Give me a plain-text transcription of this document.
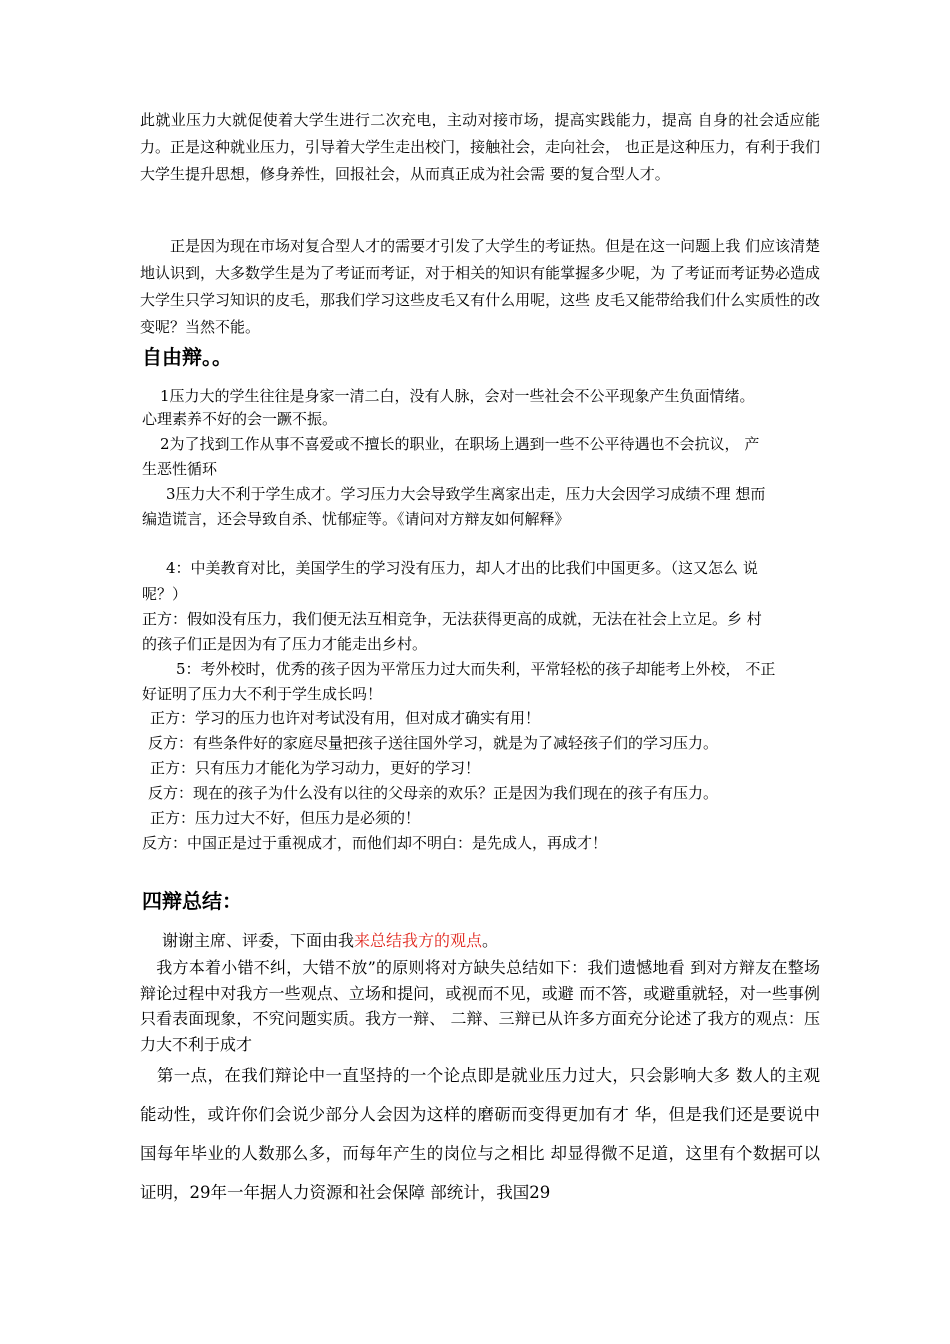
此就业压力大就促使着大学生进行二次充电，主动对接市场，提高实践能力，提高 自身的社会适应能力。正是这种就业压力，引导着大学生走出校门，接触社会，走向社会， 也正是这种压力，有利于我们大学生提升思想，修身养性，回报社会，从而真正成为社会需 要的复合型人才。

　　正是因为现在市场对复合型人才的需要才引发了大学生的考证热。但是在这一问题上我 们应该清楚地认识到，大多数学生是为了考证而考证，对于相关的知识有能掌握多少呢，为 了考证而考证势必造成大学生只学习知识的皮毛，那我们学习这些皮毛又有什么用呢，这些 皮毛又能带给我们什么实质性的改变呢？当然不能。

自由辩。。

1压力大的学生往往是身家一清二白，没有人脉，会对一些社会不公平现象产生负面情绪。

心理素养不好的会一蹶不振。

2为了找到工作从事不喜爱或不擅长的职业，在职场上遇到一些不公平待遇也不会抗议， 产

生恶性循环

3压力大不利于学生成才。学习压力大会导致学生离家出走，压力大会因学习成绩不理 想而

编造谎言，还会导致自杀、忧郁症等。《请问对方辩友如何解释》

4：中美教育对比，美国学生的学习没有压力，却人才出的比我们中国更多。（这又怎么 说

呢？）

正方：假如没有压力，我们便无法互相竞争，无法获得更高的成就，无法在社会上立足。乡 村

的孩子们正是因为有了压力才能走出乡村。

5：考外校时，优秀的孩子因为平常压力过大而失利，平常轻松的孩子却能考上外校， 不正

好证明了压力大不利于学生成长吗！

正方：学习的压力也许对考试没有用，但对成才确实有用！

反方：有些条件好的家庭尽量把孩子送往国外学习，就是为了减轻孩子们的学习压力。

正方：只有压力才能化为学习动力，更好的学习！

反方：现在的孩子为什么没有以往的父母亲的欢乐？正是因为我们现在的孩子有压力。

正方：压力过大不好，但压力是必须的！

反方：中国正是过于重视成才，而他们却不明白：是先成人，再成才！

四辩总结：

谢谢主席、评委，下面由我来总结我方的观点。

　我方本着小错不纠，大错不放”的原则将对方缺失总结如下：我们遗憾地看 到对方辩友在整场辩论过程中对我方一些观点、立场和提问，或视而不见，或避 而不答，或避重就轻，对一些事例只看表面现象，不究问题实质。我方一辩、 二辩、三辩已从许多方面充分论述了我方的观点：压力大不利于成才

　第一点，在我们辩论中一直坚持的一个论点即是就业压力过大，只会影响大多 数人的主观能动性，或许你们会说少部分人会因为这样的磨砺而变得更加有才 华，但是我们还是要说中国每年毕业的人数那么多，而每年产生的岗位与之相比 却显得微不足道，这里有个数据可以证明，29年一年据人力资源和社会保障 部统计，我国29
